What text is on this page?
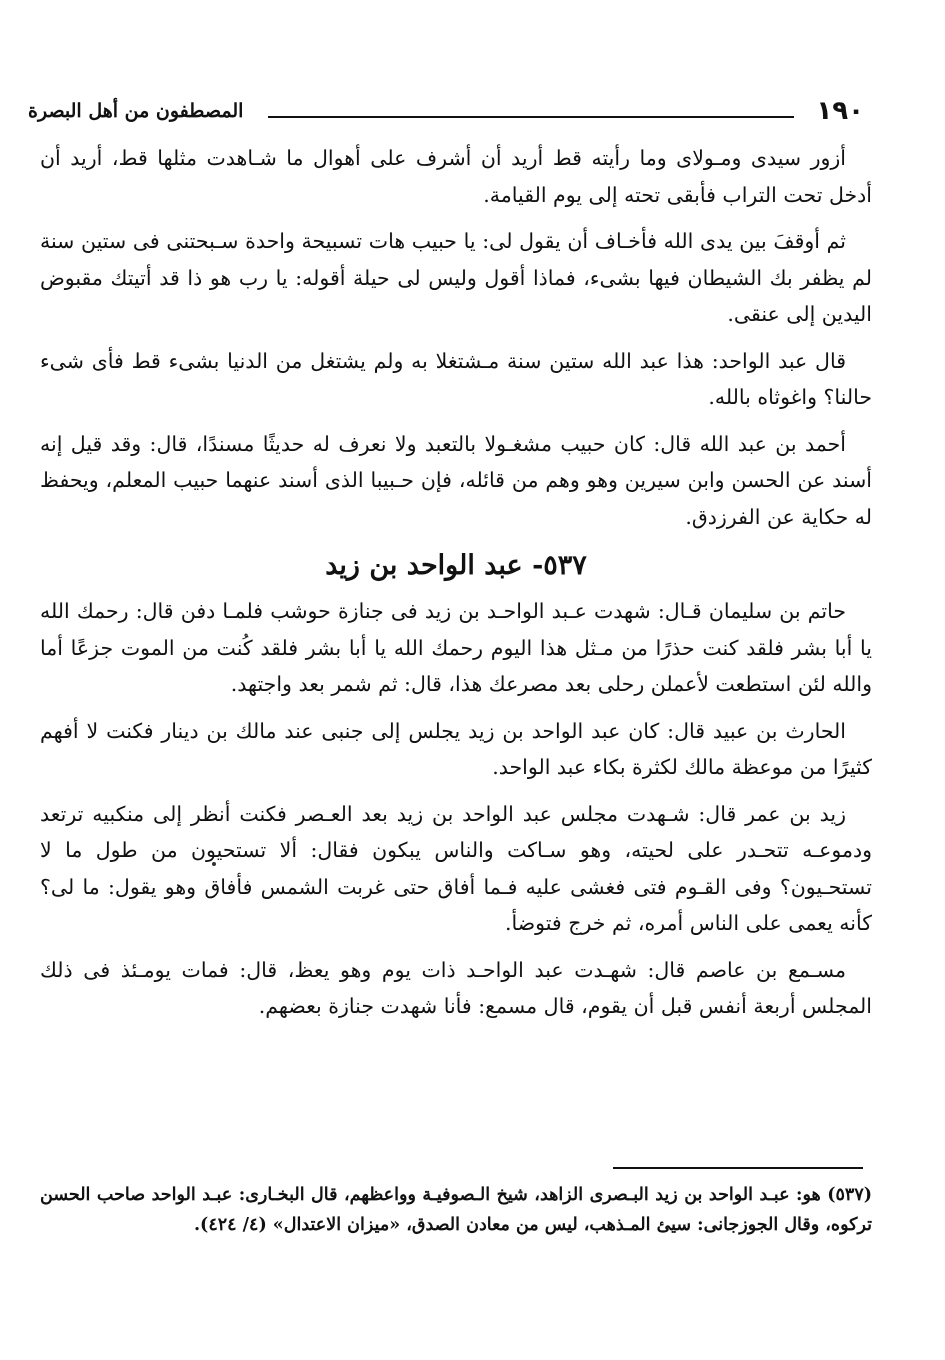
المصطفون من أهل البصرة	١٩٠

أزور سيدى ومـولاى وما رأيته قط أريد أن أشرف على أهوال ما شـاهدت مثلها قط، أريد أن أدخل تحت التراب فأبقى تحته إلى يوم القيامة.

ثم أوقفَ بين يدى الله فأخـاف أن يقول لى: يا حبيب هات تسبيحة واحدة سـبحتنى فى ستين سنة لم يظفر بك الشيطان فيها بشىء، فماذا أقول وليس لى حيلة أقوله: يا رب هو ذا قد أتيتك مقبوض اليدين إلى عنقى.

قال عبد الواحد: هذا عبد الله ستين سنة مـشتغلا به ولم يشتغل من الدنيا بشىء قط فأى شىء حالنا؟ واغوثاه بالله.

أحمد بن عبد الله قال: كان حبيب مشغـولا بالتعبد ولا نعرف له حديثًا مسندًا، قال: وقد قيل إنه أسند عن الحسن وابن سيرين وهو وهم من قائله، فإن حـبيبا الذى أسند عنهما حبيب المعلم، ويحفظ له حكاية عن الفرزدق.

٥٣٧- عبد الواحد بن زيد

حاتم بن سليمان قـال: شهدت عـبد الواحـد بن زيد فى جنازة حوشب فلمـا دفن قال: رحمك الله يا أبا بشر فلقد كنت حذرًا من مـثل هذا اليوم رحمك الله يا أبا بشر فلقد كُنت من الموت جزعًا أما والله لئن استطعت لأعملن رحلى بعد مصرعك هذا، قال: ثم شمر بعد واجتهد.

الحارث بن عبيد قال: كان عبد الواحد بن زيد يجلس إلى جنبى عند مالك بن دينار فكنت لا أفهم كثيرًا من موعظة مالك لكثرة بكاء عبد الواحد.

زيد بن عمر قال: شـهدت مجلس عبد الواحد بن زيد بعد العـصر فكنت أنظر إلى منكبيه ترتعد ودموعـه تتحـدر على لحيته، وهو سـاكت والناس يبكون فقال: ألا تستحيون من طول ما لا تستحـيون؟ وفى القـوم فتى فغشى عليه فـما أفاق حتى غربت الشمس فأفاق وهو يقول: ما لى؟ كأنه يعمى على الناس أمره، ثم خرج فتوضأ.

مسـمع بن عاصم قال: شهـدت عبد الواحـد ذات يوم وهو يعظ، قال: فمات يومـئذ فى ذلك المجلس أربعة أنفس قبل أن يقوم، قال مسمع: فأنا شهدت جنازة بعضهم.

(٥٣٧) هو: عبـد الواحد بن زيد البـصرى الزاهد، شيخ الـصوفيـة وواعظهم، قال البخـارى: عبـد الواحد صاحب الحسن تركوه، وقال الجوزجانى: سيئ المـذهب، ليس من معادن الصدق، «ميزان الاعتدال» (٤/ ٤٢٤).
